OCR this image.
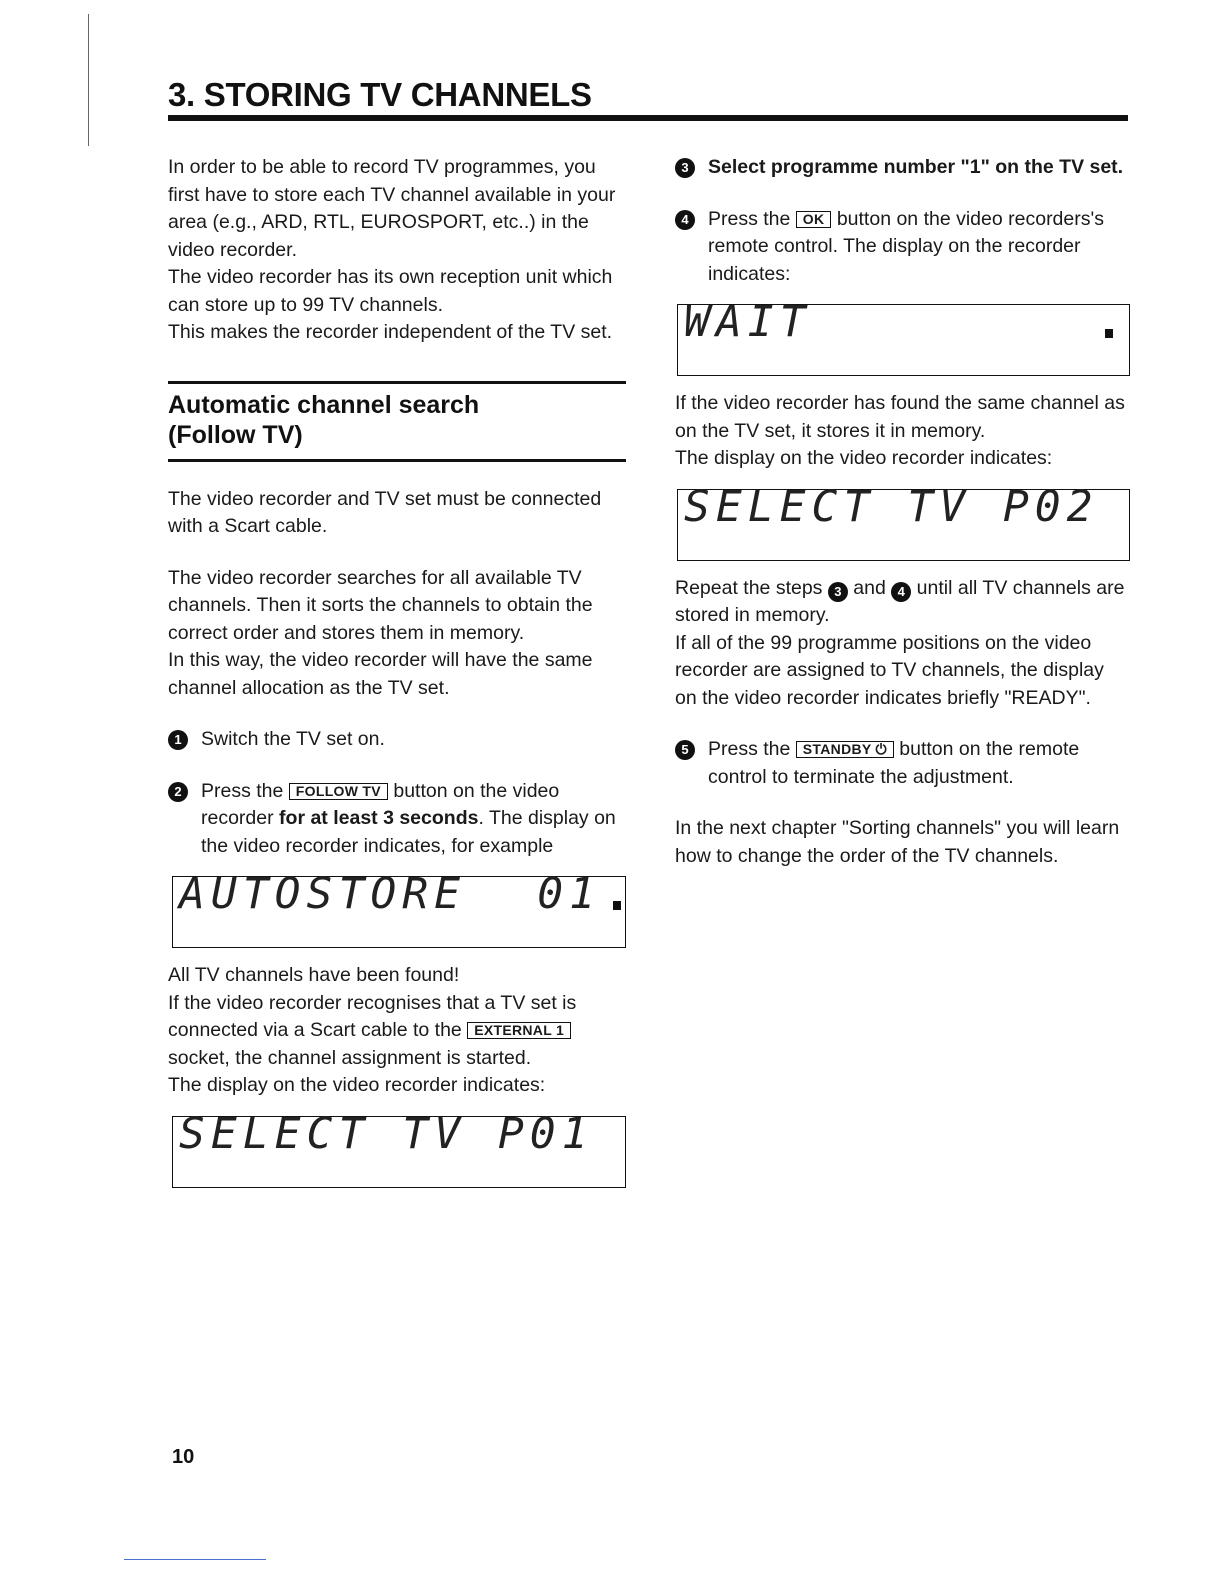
3. STORING TV CHANNELS

In order to be able to record TV programmes, you first have to store each TV channel available in your area (e.g., ARD, RTL, EUROSPORT, etc..) in the video recorder.

The video recorder has its own reception unit which can store up to 99 TV channels.

This makes the recorder independent of the TV set.

Automatic channel search
(Follow TV)

The video recorder and TV set must be connected with a Scart cable.

The video recorder searches for all available TV channels. Then it sorts the channels to obtain the correct order and stores them in memory.

In this way, the video recorder will have the same channel allocation as the TV set.

1 Switch the TV set on.
2 Press the FOLLOW TV button on the video recorder for at least 3 seconds. The display on the video recorder indicates, for example
AUTOSTORE 01

All TV channels have been found!

If the video recorder recognises that a TV set is connected via a Scart cable to the EXTERNAL 1 socket, the channel assignment is started.

The display on the video recorder indicates:

SELECT TV P01
3 Select programme number "1" on the TV set.
4 Press the OK button on the video recorders's remote control. The display on the recorder indicates:
WAIT

If the video recorder has found the same channel as on the TV set, it stores it in memory.

The display on the video recorder indicates:

SELECT TV P02

Repeat the steps 3 and 4 until all TV channels are stored in memory.

If all of the 99 programme positions on the video recorder are assigned to TV channels, the display on the video recorder indicates briefly "READY".

5 Press the STANDBY ⏻ button on the remote control to terminate the adjustment.

In the next chapter "Sorting channels" you will learn how to change the order of the TV channels.

10
